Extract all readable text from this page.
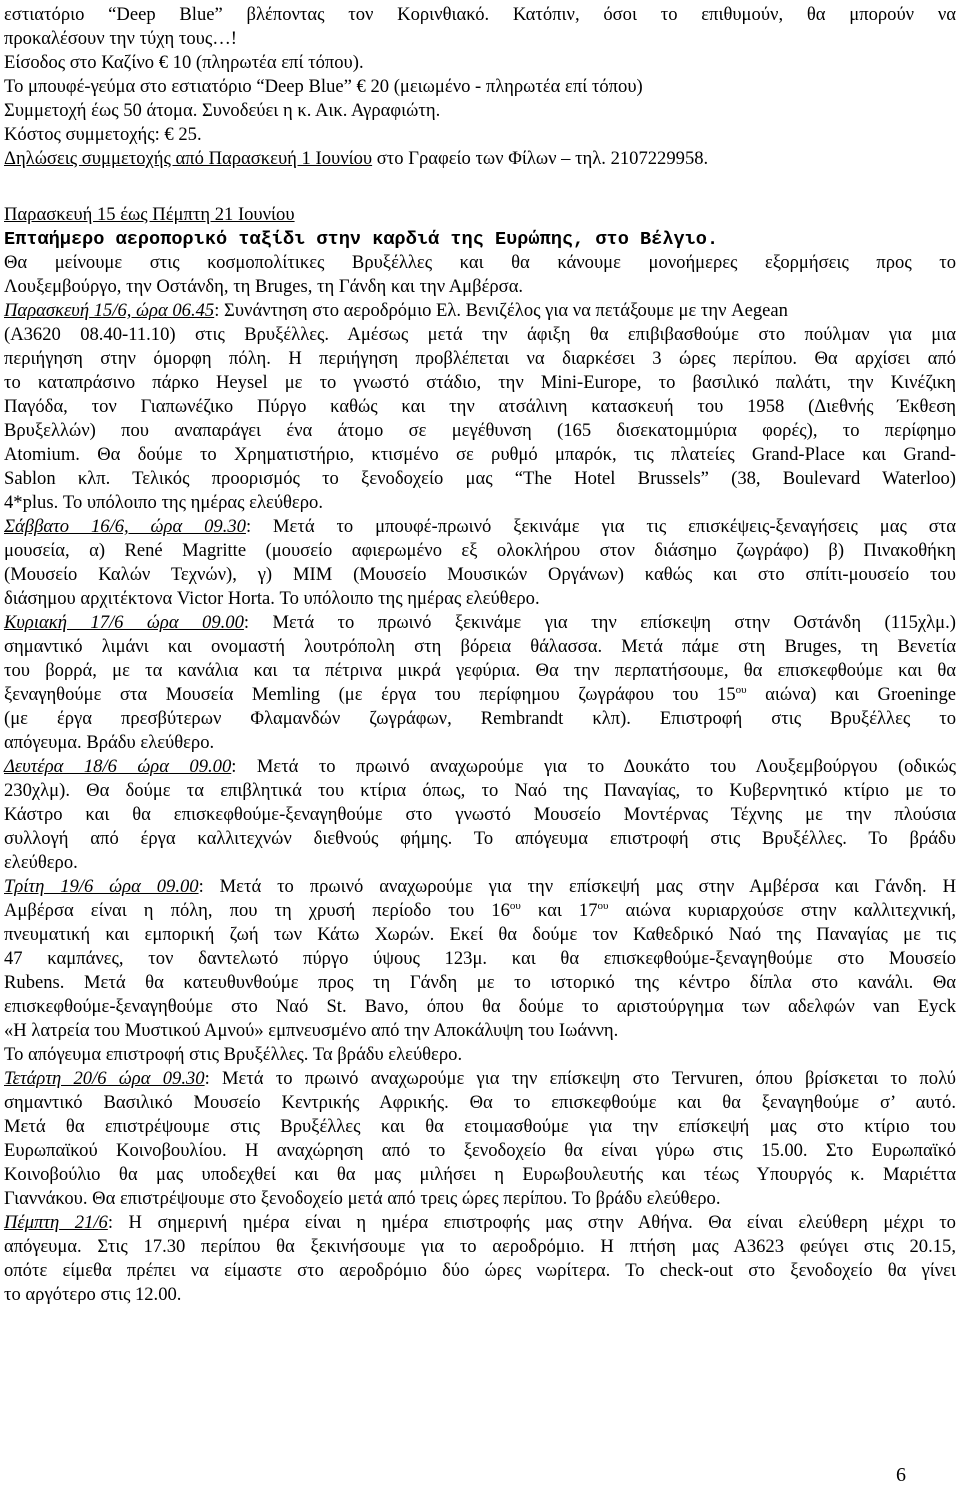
εστιατόριο “Deep Blue” βλέποντας τον Κορινθιακό. Κατόπιν, όσοι το επιθυμούν, θα μπορούν να
προκαλέσουν την τύχη τους…!
Είσοδος στο Καζίνο € 10 (πληρωτέα επί τόπου).
Το μπουφέ-γεύμα στο εστιατόριο “Deep Blue” € 20 (μειωμένο - πληρωτέα επί τόπου)
Συμμετοχή έως 50 άτομα. Συνοδεύει η κ. Αικ. Αγραφιώτη.
Κόστος συμμετοχής: € 25.
Δηλώσεις συμμετοχής από Παρασκευή 1 Ιουνίου στο Γραφείο των Φίλων – τηλ. 2107229958.
Παρασκευή 15 έως Πέμπτη 21 Ιουνίου
Επταήμερο αεροπορικό ταξίδι στην καρδιά της Ευρώπης, στο Βέλγιο.
Θα μείνουμε στις κοσμοπολίτικες Βρυξέλλες και θα κάνουμε μονοήμερες εξορμήσεις προς το
Λουξεμβούργο, την Οστάνδη, τη Bruges, τη Γάνδη και την Αμβέρσα.
Παρασκευή 15/6, ώρα 06.45: Συνάντηση στο αεροδρόμιο Ελ. Βενιζέλος για να πετάξουμε με την Aegean
(Α3620 08.40-11.10) στις Βρυξέλλες. Αμέσως μετά την άφιξη θα επιβιβασθούμε στο πούλμαν για μια
περιήγηση στην όμορφη πόλη. Η περιήγηση προβλέπεται να διαρκέσει 3 ώρες περίπου. Θα αρχίσει από
το καταπράσινο πάρκο Heysel με το γνωστό στάδιο, την Mini-Europe, το βασιλικό παλάτι, την Κινέζικη
Παγόδα, τον Γιαπωνέζικο Πύργο καθώς και την ατσάλινη κατασκευή του 1958 (Διεθνής Έκθεση
Βρυξελλών) που αναπαράγει ένα άτομο σε μεγέθυνση (165 δισεκατομμύρια φορές), το περίφημο
Atomium. Θα δούμε το Χρηματιστήριο, κτισμένο σε ρυθμό μπαρόκ, τις πλατείες Grand-Place και Grand-
Sablon κλπ. Τελικός προορισμός το ξενοδοχείο μας “The Hotel Brussels” (38, Boulevard Waterloo)
4*plus. Το υπόλοιπο της ημέρας ελεύθερο.
Σάββατο 16/6, ώρα 09.30: Μετά το μπουφέ-πρωινό ξεκινάμε για τις επισκέψεις-ξεναγήσεις μας στα
μουσεία, α) René Magritte (μουσείο αφιερωμένο εξ ολοκλήρου στον διάσημο ζωγράφο) β) Πινακοθήκη
(Μουσείο Καλών Τεχνών), γ) MIM (Μουσείο Μουσικών Οργάνων) καθώς και στο σπίτι-μουσείο του
διάσημου αρχιτέκτονα Victor Horta. Το υπόλοιπο της ημέρας ελεύθερο.
Κυριακή 17/6 ώρα 09.00: Μετά το πρωινό ξεκινάμε για την επίσκεψη στην Οστάνδη (115χλμ.)
σημαντικό λιμάνι και ονομαστή λουτρόπολη στη βόρεια θάλασσα. Μετά πάμε στη Bruges, τη Βενετία
του βορρά, με τα κανάλια και τα πέτρινα μικρά γεφύρια. Θα την περπατήσουμε, θα επισκεφθούμε και θα
ξεναγηθούμε στα Μουσεία Memling (με έργα του περίφημου ζωγράφου του $15^{o\upsilon}$ αιώνα) και Groeninge
(με έργα πρεσβύτερων Φλαμανδών ζωγράφων, Rembrandt κλπ). Επιστροφή στις Βρυξέλλες το
απόγευμα. Βράδυ ελεύθερο.
Δευτέρα 18/6 ώρα 09.00: Μετά το πρωινό αναχωρούμε για το Δουκάτο του Λουξεμβούργου (οδικώς
230χλμ). Θα δούμε τα επιβλητικά του κτίρια όπως, το Ναό της Παναγίας, το Κυβερνητικό κτίριο με το
Κάστρο και θα επισκεφθούμε-ξεναγηθούμε στο γνωστό Μουσείο Μοντέρνας Τέχνης με την πλούσια
συλλογή από έργα καλλιτεχνών διεθνούς φήμης. Το απόγευμα επιστροφή στις Βρυξέλλες. Το βράδυ
ελεύθερο.
Τρίτη 19/6 ώρα 09.00: Μετά το πρωινό αναχωρούμε για την επίσκεψή μας στην Αμβέρσα και Γάνδη. Η
Αμβέρσα είναι η πόλη, που τη χρυσή περίοδο του $16^{o\upsilon}$ και $17^{o\upsilon}$ αιώνα κυριαρχούσε στην καλλιτεχνική,
πνευματική και εμπορική ζωή των Κάτω Χωρών. Εκεί θα δούμε τον Καθεδρικό Ναό της Παναγίας με τις
47 καμπάνες, τον δαντελωτό πύργο ύψους 123μ. και θα επισκεφθούμε-ξεναγηθούμε στο Μουσείο
Rubens. Μετά θα κατευθυνθούμε προς τη Γάνδη με το ιστορικό της κέντρο δίπλα στο κανάλι. Θα
επισκεφθούμε-ξεναγηθούμε στο Ναό St. Bavo, όπου θα δούμε το αριστούργημα των αδελφών van Eyck
«Η λατρεία του Μυστικού Αμνού» εμπνευσμένο από την Αποκάλυψη του Ιωάννη.
Το απόγευμα επιστροφή στις Βρυξέλλες. Τα βράδυ ελεύθερο.
Τετάρτη 20/6 ώρα 09.30: Μετά το πρωινό αναχωρούμε για την επίσκεψη στο Tervuren, όπου βρίσκεται το πολύ
σημαντικό Βασιλικό Μουσείο Κεντρικής Αφρικής. Θα το επισκεφθούμε και θα ξεναγηθούμε σ’ αυτό.
Μετά θα επιστρέψουμε στις Βρυξέλλες και θα ετοιμασθούμε για την επίσκεψή μας στο κτίριο του
Ευρωπαϊκού Κοινοβουλίου. Η αναχώρηση από το ξενοδοχείο θα είναι γύρω στις 15.00. Στο Ευρωπαϊκό
Κοινοβούλιο θα μας υποδεχθεί και θα μας μιλήσει η Ευρωβουλευτής και τέως Υπουργός κ. Μαριέττα
Γιαννάκου. Θα επιστρέψουμε στο ξενοδοχείο μετά από τρεις ώρες περίπου. Το βράδυ ελεύθερο.
Πέμπτη 21/6: Η σημερινή ημέρα είναι η ημέρα επιστροφής μας στην Αθήνα. Θα είναι ελεύθερη μέχρι το
απόγευμα. Στις 17.30 περίπου θα ξεκινήσουμε για το αεροδρόμιο. Η πτήση μας Α3623 φεύγει στις 20.15,
οπότε είμεθα πρέπει να είμαστε στο αεροδρόμιο δύο ώρες νωρίτερα. Το check-out στο ξενοδοχείο θα γίνει
το αργότερο στις 12.00.
6
